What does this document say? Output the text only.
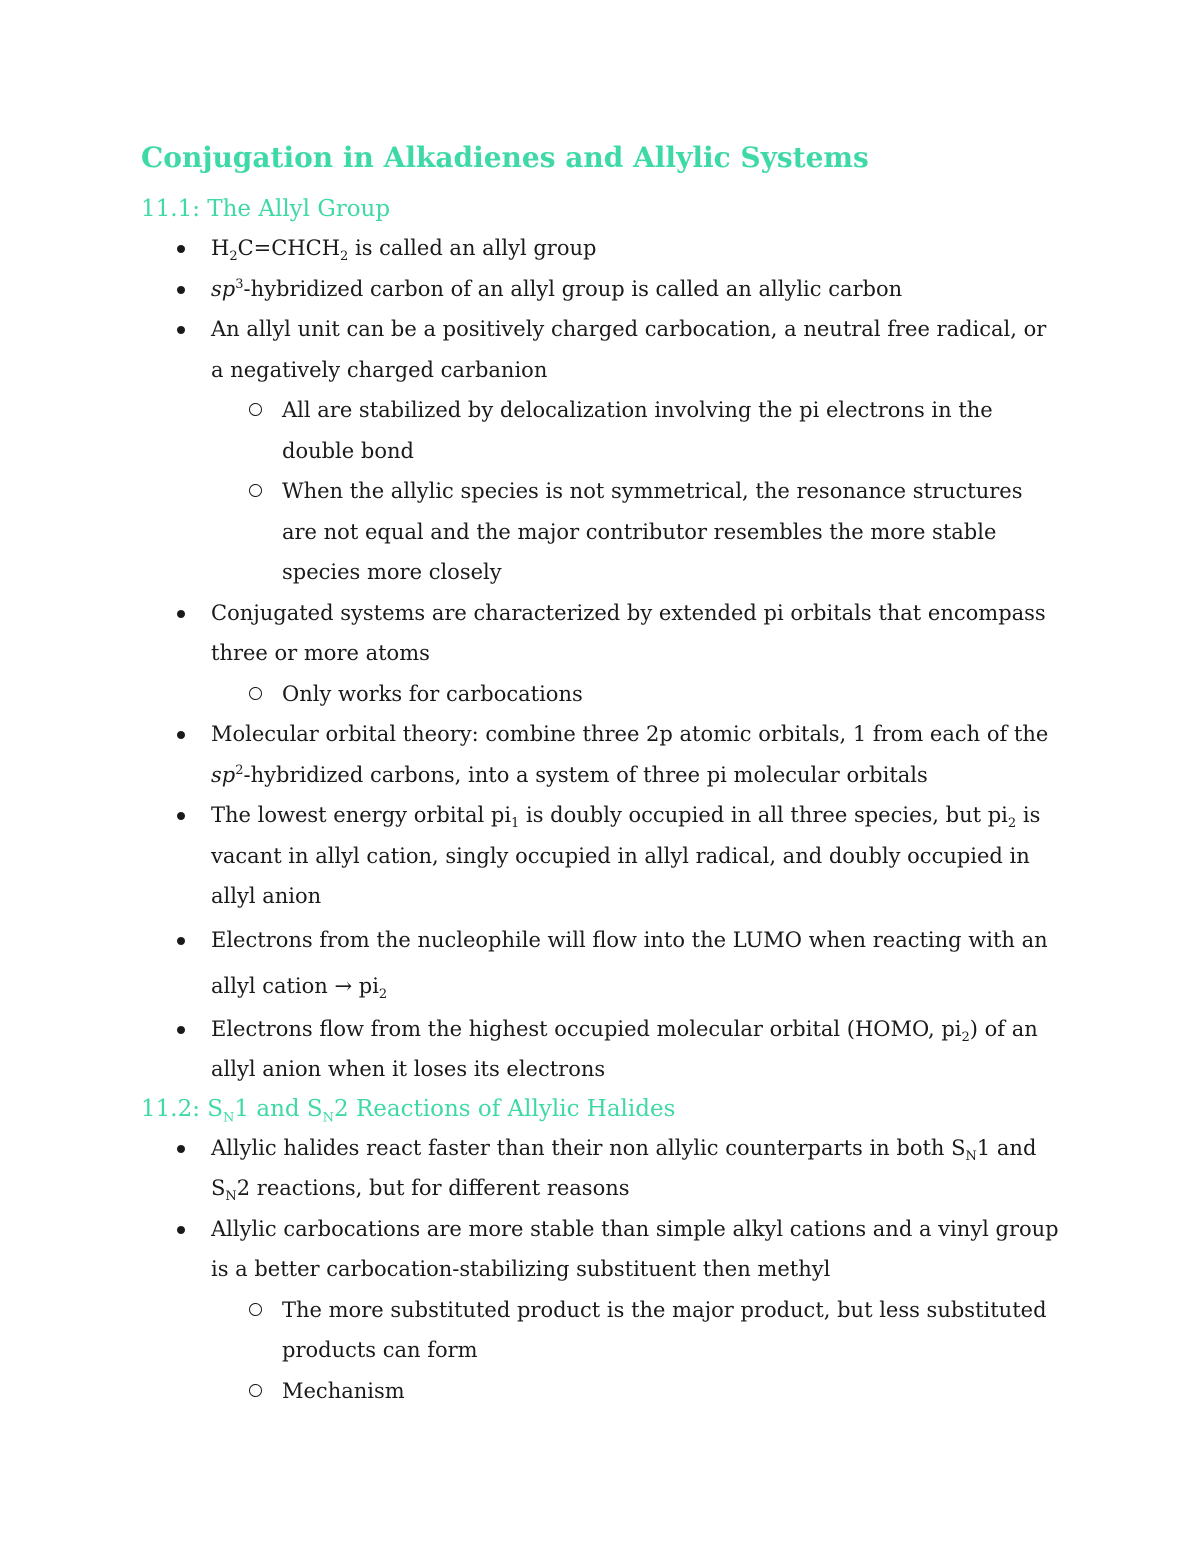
Conjugation in Alkadienes and Allylic Systems
11.1: The Allyl Group
$H_2C=CHCH_2$ is called an allyl group
$sp^3$-hybridized carbon of an allyl group is called an allylic carbon
An allyl unit can be a positively charged carbocation, a neutral free radical, or a negatively charged carbanion
All are stabilized by delocalization involving the pi electrons in the double bond
When the allylic species is not symmetrical, the resonance structures are not equal and the major contributor resembles the more stable species more closely
Conjugated systems are characterized by extended pi orbitals that encompass three or more atoms
Only works for carbocations
Molecular orbital theory: combine three 2p atomic orbitals, 1 from each of the $sp^2$-hybridized carbons, into a system of three pi molecular orbitals
The lowest energy orbital $pi_1$ is doubly occupied in all three species, but $pi_2$ is vacant in allyl cation, singly occupied in allyl radical, and doubly occupied in allyl anion
Electrons from the nucleophile will flow into the LUMO when reacting with an allyl cation → $pi_2$
Electrons flow from the highest occupied molecular orbital (HOMO, $pi_2$) of an allyl anion when it loses its electrons
11.2: $S_N1$ and $S_N2$ Reactions of Allylic Halides
Allylic halides react faster than their non allylic counterparts in both $S_N1$ and $S_N2$ reactions, but for different reasons
Allylic carbocations are more stable than simple alkyl cations and a vinyl group is a better carbocation-stabilizing substituent then methyl
The more substituted product is the major product, but less substituted products can form
Mechanism
